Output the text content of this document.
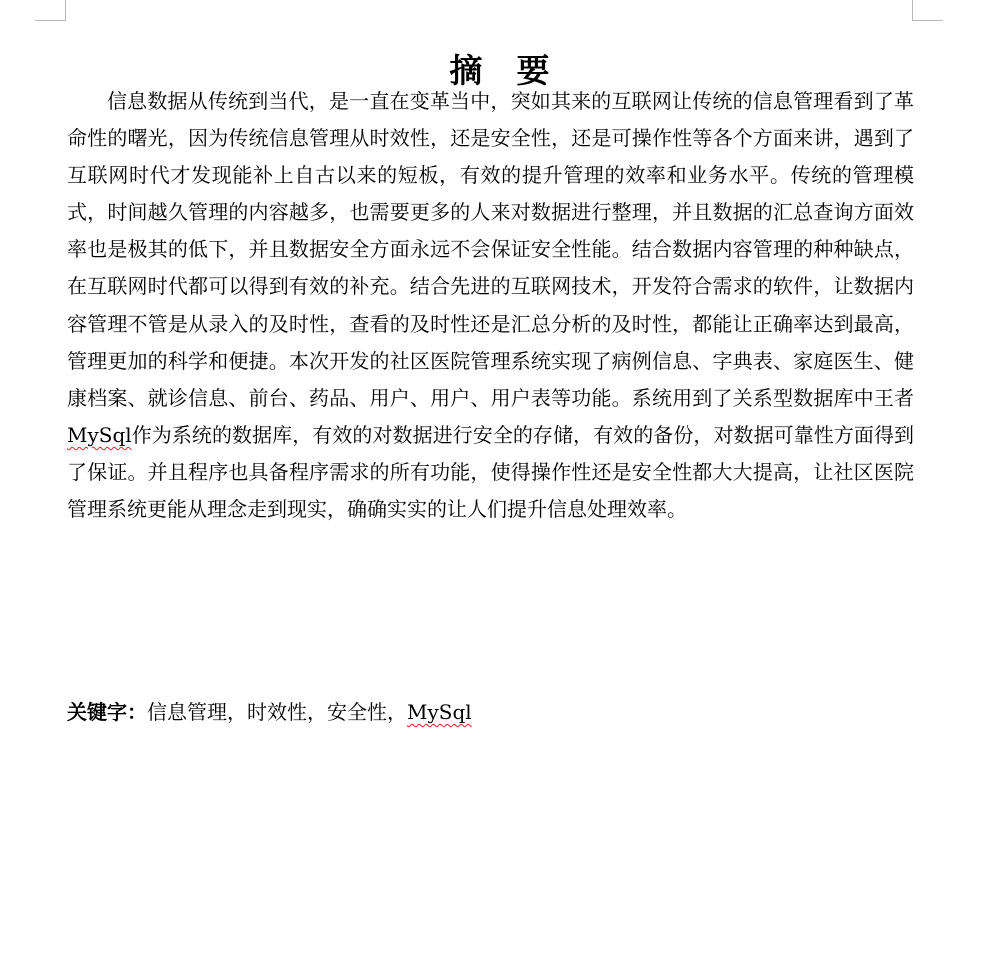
摘 要

信息数据从传统到当代，是一直在变革当中，突如其来的互联网让传统的信息管理看到了革命性的曙光，因为传统信息管理从时效性，还是安全性，还是可操作性等各个方面来讲，遇到了互联网时代才发现能补上自古以来的短板，有效的提升管理的效率和业务水平。传统的管理模式，时间越久管理的内容越多，也需要更多的人来对数据进行整理，并且数据的汇总查询方面效率也是极其的低下，并且数据安全方面永远不会保证安全性能。结合数据内容管理的种种缺点，在互联网时代都可以得到有效的补充。结合先进的互联网技术，开发符合需求的软件，让数据内容管理不管是从录入的及时性，查看的及时性还是汇总分析的及时性，都能让正确率达到最高，管理更加的科学和便捷。本次开发的社区医院管理系统实现了病例信息、字典表、家庭医生、健康档案、就诊信息、前台、药品、用户、用户、用户表等功能。系统用到了关系型数据库中王者MySql作为系统的数据库，有效的对数据进行安全的存储，有效的备份，对数据可靠性方面得到了保证。并且程序也具备程序需求的所有功能，使得操作性还是安全性都大大提高，让社区医院管理系统更能从理念走到现实，确确实实的让人们提升信息处理效率。

关键字：信息管理，时效性，安全性，MySql
